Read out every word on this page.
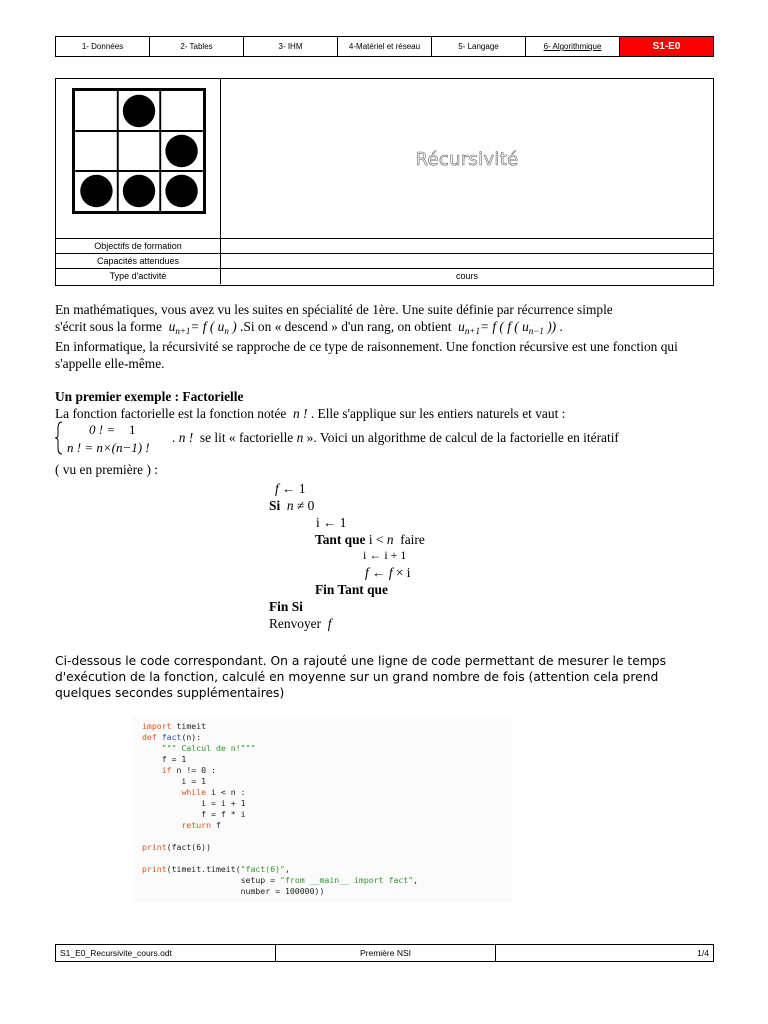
1- Données	2- Tables	3- IHM	4-Matériel et réseau	5- Langage	6- Algorithmique	S1-E0
Récursivité
Objectifs de formation
Capacités attendues
Type d'activité	cours
En mathématiques, vous avez vu les suites en spécialité de 1ère. Une suite définie par récurrence simple
s'écrit sous la forme $u_{n+1}= f$ ( $u_n$ ) .Si on « descend » d'un rang, on obtient $u_{n+1}= f$ ( f ( $u_{n-1}$ )) .
En informatique, la récursivité se rapproche de ce type de raisonnement. Une fonction récursive est une fonction qui s'appelle elle-même.
Un premier exemple : Factorielle
La fonction factorielle est la fonction notée  n ! . Elle s'applique sur les entiers naturels et vaut :
0 ! = 1
n ! = n×(n−1) !
. n ! se lit « factorielle n ». Voici un algorithme de calcul de la factorielle en itératif
( vu en première ) :
f ← 1
Si n ≠ 0
i ← 1
Tant que i < n faire
i ← i + 1
f ← f × i
Fin Tant que
Fin Si
Renvoyer f
Ci-dessous le code correspondant. On a rajouté une ligne de code permettant de mesurer le temps d'exécution de la fonction, calculé en moyenne sur un grand nombre de fois (attention cela prend quelques secondes supplémentaires)
import timeit
def fact(n):
""" Calcul de n!"""
f = 1
if n != 0 :
i = 1
while i < n :
i = i + 1
f = f * i
return f

print(fact(6))

print(timeit.timeit("fact(6)",
setup = "from __main__ import fact",
number = 100000))
S1_E0_Recursivite_cours.odt	Première NSI	1/4
